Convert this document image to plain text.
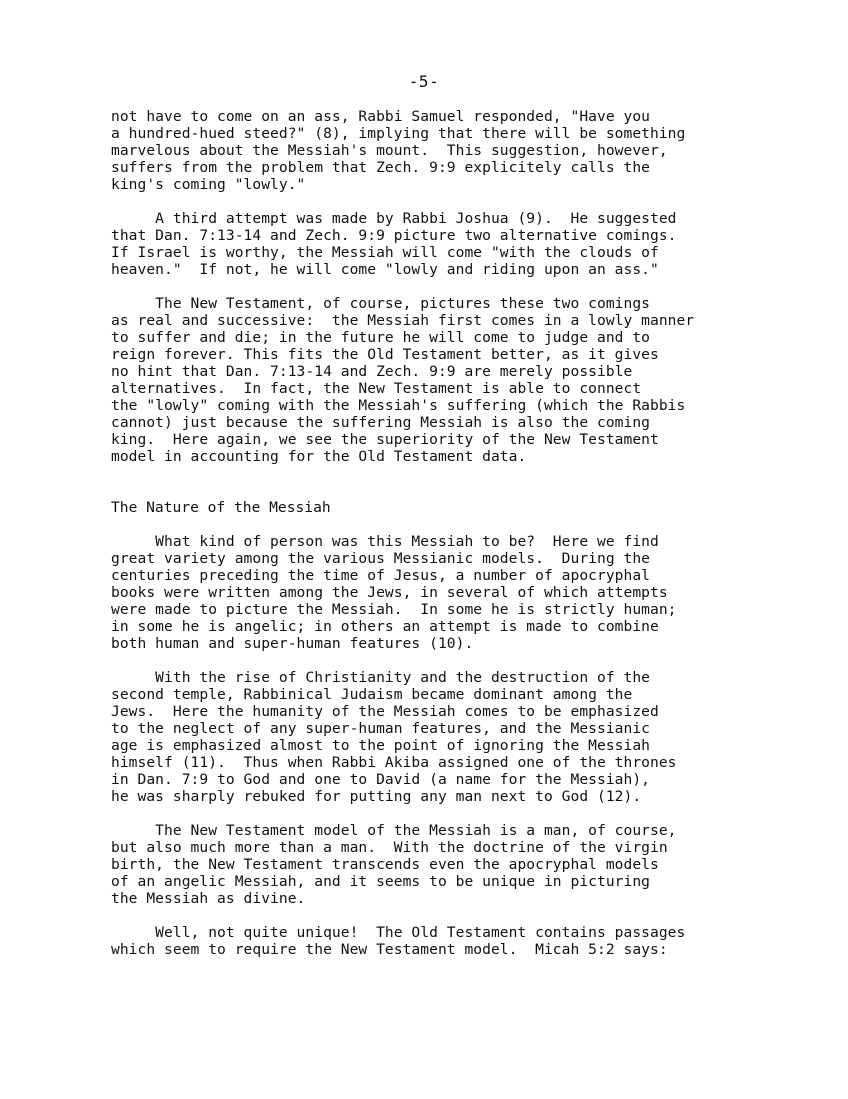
-5-
not have to come on an ass, Rabbi Samuel responded, "Have you
a hundred-hued steed?" (8), implying that there will be something
marvelous about the Messiah's mount.  This suggestion, however,
suffers from the problem that Zech. 9:9 explicitely calls the
king's coming "lowly."
A third attempt was made by Rabbi Joshua (9).  He suggested
that Dan. 7:13-14 and Zech. 9:9 picture two alternative comings.
If Israel is worthy, the Messiah will come "with the clouds of
heaven."  If not, he will come "lowly and riding upon an ass."
The New Testament, of course, pictures these two comings
as real and successive:  the Messiah first comes in a lowly manner
to suffer and die; in the future he will come to judge and to
reign forever. This fits the Old Testament better, as it gives
no hint that Dan. 7:13-14 and Zech. 9:9 are merely possible
alternatives.  In fact, the New Testament is able to connect
the "lowly" coming with the Messiah's suffering (which the Rabbis
cannot) just because the suffering Messiah is also the coming
king.  Here again, we see the superiority of the New Testament
model in accounting for the Old Testament data.
The Nature of the Messiah
What kind of person was this Messiah to be?  Here we find
great variety among the various Messianic models.  During the
centuries preceding the time of Jesus, a number of apocryphal
books were written among the Jews, in several of which attempts
were made to picture the Messiah.  In some he is strictly human;
in some he is angelic; in others an attempt is made to combine
both human and super-human features (10).
With the rise of Christianity and the destruction of the
second temple, Rabbinical Judaism became dominant among the
Jews.  Here the humanity of the Messiah comes to be emphasized
to the neglect of any super-human features, and the Messianic
age is emphasized almost to the point of ignoring the Messiah
himself (11).  Thus when Rabbi Akiba assigned one of the thrones
in Dan. 7:9 to God and one to David (a name for the Messiah),
he was sharply rebuked for putting any man next to God (12).
The New Testament model of the Messiah is a man, of course,
but also much more than a man.  With the doctrine of the virgin
birth, the New Testament transcends even the apocryphal models
of an angelic Messiah, and it seems to be unique in picturing
the Messiah as divine.
Well, not quite unique!  The Old Testament contains passages
which seem to require the New Testament model.  Micah 5:2 says:
